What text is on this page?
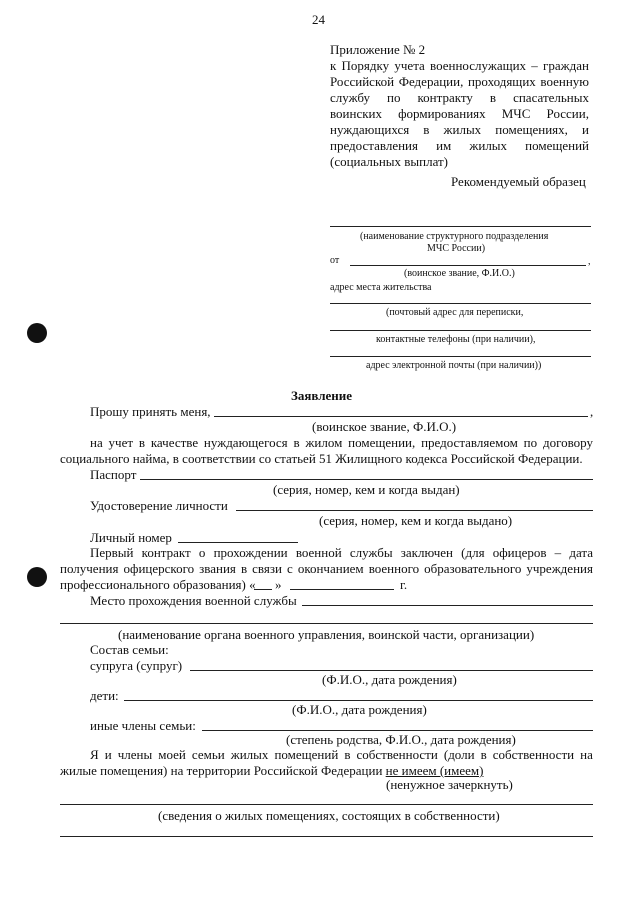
24
Приложение № 2
к Порядку учета военнослужащих – граждан
Российской Федерации, проходящих военную
службу по контракту в спасательных
воинских формированиях МЧС России,
нуждающихся в жилых помещениях, и
предоставления им жилых помещений
(социальных выплат)
Рекомендуемый образец
(наименование структурного подразделения
МЧС России)
от	,
(воинское звание, Ф.И.О.)
адрес места жительства
(почтовый адрес для переписки,
контактные телефоны (при наличии),
адрес электронной почты (при наличии))
Заявление
Прошу принять меня,	,
(воинское звание, Ф.И.О.)
на учет в качестве нуждающегося в жилом помещении, предоставляемом по договору
социального найма, в соответствии со статьей 51 Жилищного кодекса Российской Федерации.
Паспорт
(серия, номер, кем и когда выдан)
Удостоверение личности
(серия, номер, кем и когда выдано)
Личный номер
Первый контракт о прохождении военной службы заключен (для офицеров – дата
получения офицерского звания в связи с окончанием военного образовательного учреждения
профессионального образования) « »	г.
Место прохождения военной службы
(наименование органа военного управления, воинской части, организации)
Состав семьи:
супруга (супруг)
(Ф.И.О., дата рождения)
дети:
(Ф.И.О., дата рождения)
иные члены семьи:
(степень родства, Ф.И.О., дата рождения)
Я и члены моей семьи жилых помещений в собственности (доли в собственности на
жилые помещения) на территории Российской Федерации не имеем (имеем)
(ненужное зачеркнуть)
(сведения о жилых помещениях, состоящих в собственности)
